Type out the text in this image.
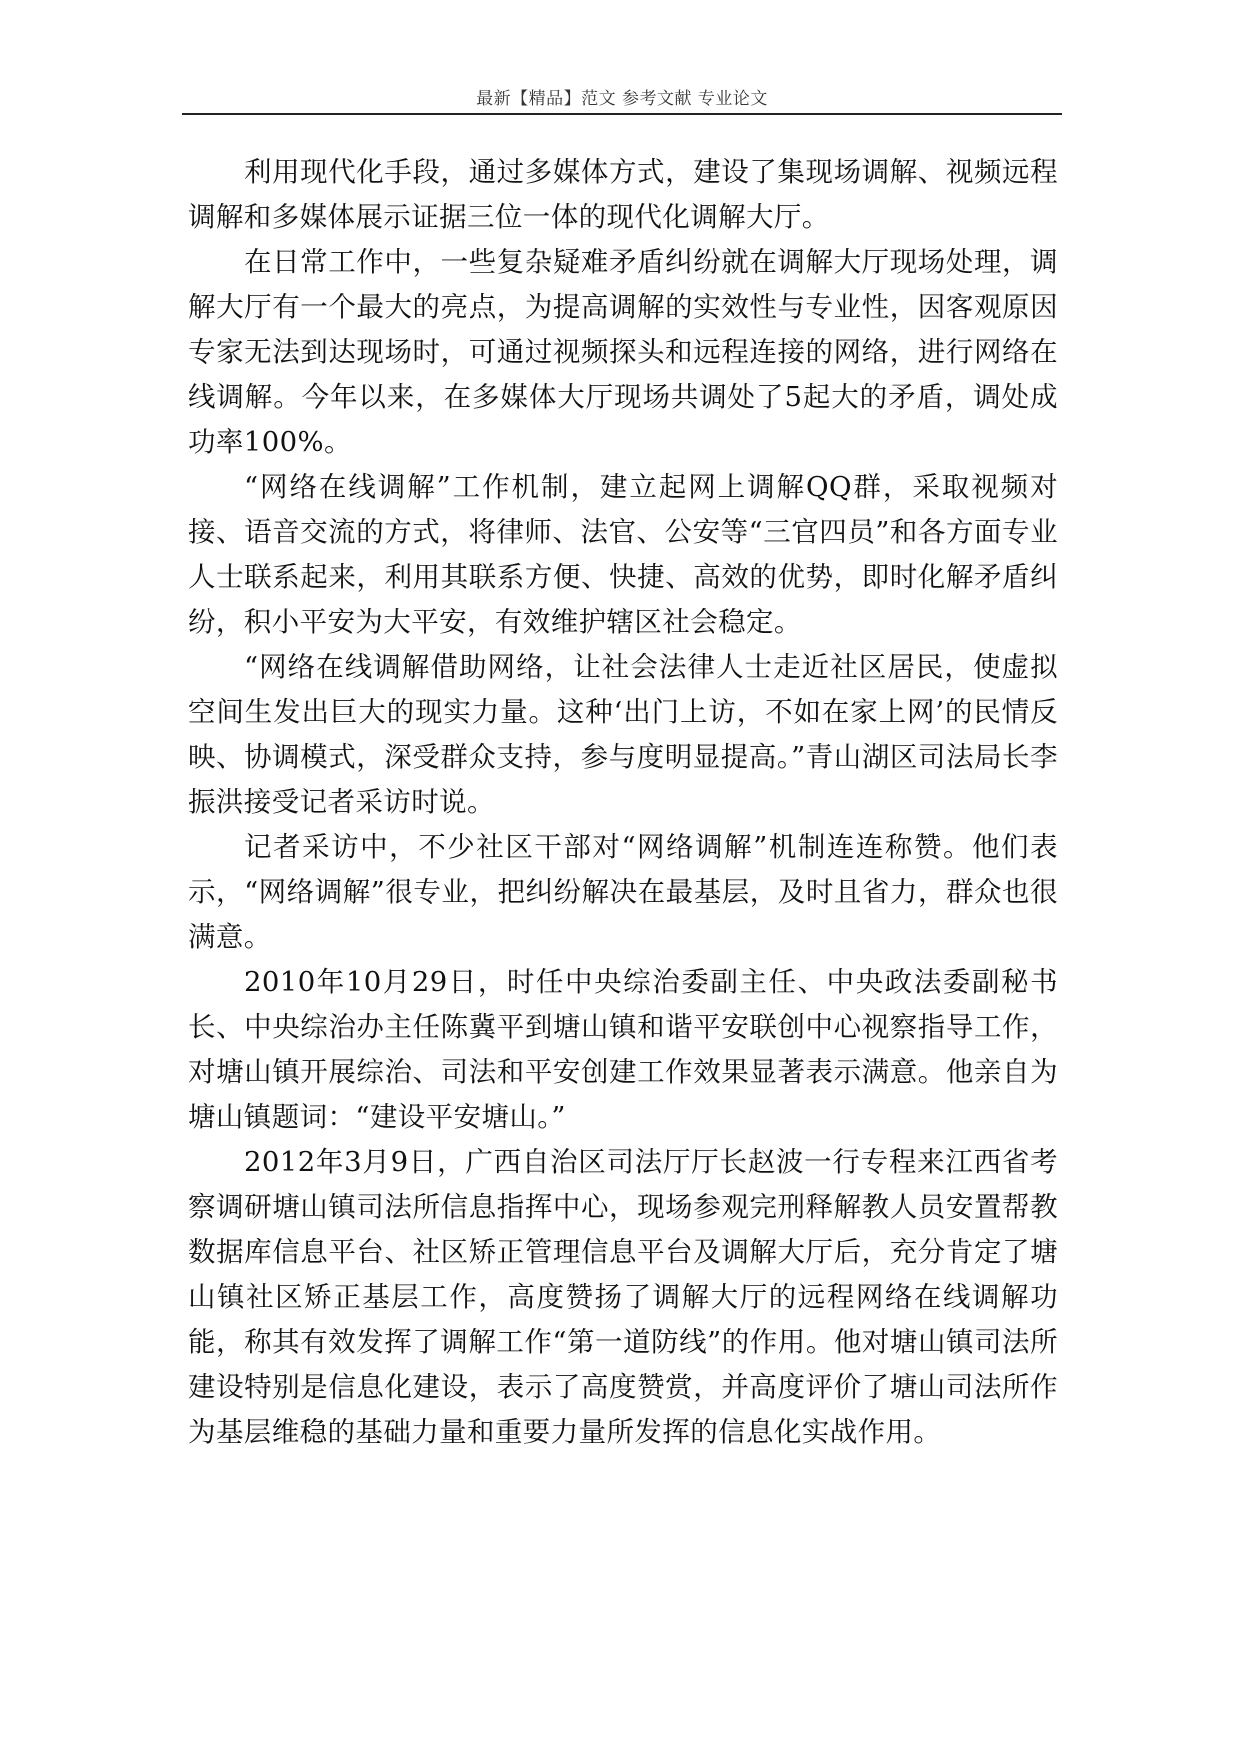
最新【精品】范文 参考文献 专业论文

利用现代化手段，通过多媒体方式，建设了集现场调解、视频远程调解和多媒体展示证据三位一体的现代化调解大厅。

在日常工作中，一些复杂疑难矛盾纠纷就在调解大厅现场处理，调解大厅有一个最大的亮点，为提高调解的实效性与专业性，因客观原因专家无法到达现场时，可通过视频探头和远程连接的网络，进行网络在线调解。今年以来，在多媒体大厅现场共调处了5起大的矛盾，调处成功率100%。

“网络在线调解”工作机制，建立起网上调解QQ群，采取视频对接、语音交流的方式，将律师、法官、公安等“三官四员”和各方面专业人士联系起来，利用其联系方便、快捷、高效的优势，即时化解矛盾纠纷，积小平安为大平安，有效维护辖区社会稳定。

“网络在线调解借助网络，让社会法律人士走近社区居民，使虚拟空间生发出巨大的现实力量。这种‘出门上访，不如在家上网’的民情反映、协调模式，深受群众支持，参与度明显提高。”青山湖区司法局长李振洪接受记者采访时说。

记者采访中，不少社区干部对“网络调解”机制连连称赞。他们表示，“网络调解”很专业，把纠纷解决在最基层，及时且省力，群众也很满意。

2010年10月29日，时任中央综治委副主任、中央政法委副秘书长、中央综治办主任陈冀平到塘山镇和谐平安联创中心视察指导工作，对塘山镇开展综治、司法和平安创建工作效果显著表示满意。他亲自为塘山镇题词：“建设平安塘山。”

2012年3月9日，广西自治区司法厅厅长赵波一行专程来江西省考察调研塘山镇司法所信息指挥中心，现场参观完刑释解教人员安置帮教数据库信息平台、社区矫正管理信息平台及调解大厅后，充分肯定了塘山镇社区矫正基层工作，高度赞扬了调解大厅的远程网络在线调解功能，称其有效发挥了调解工作“第一道防线”的作用。他对塘山镇司法所建设特别是信息化建设，表示了高度赞赏，并高度评价了塘山司法所作为基层维稳的基础力量和重要力量所发挥的信息化实战作用。
